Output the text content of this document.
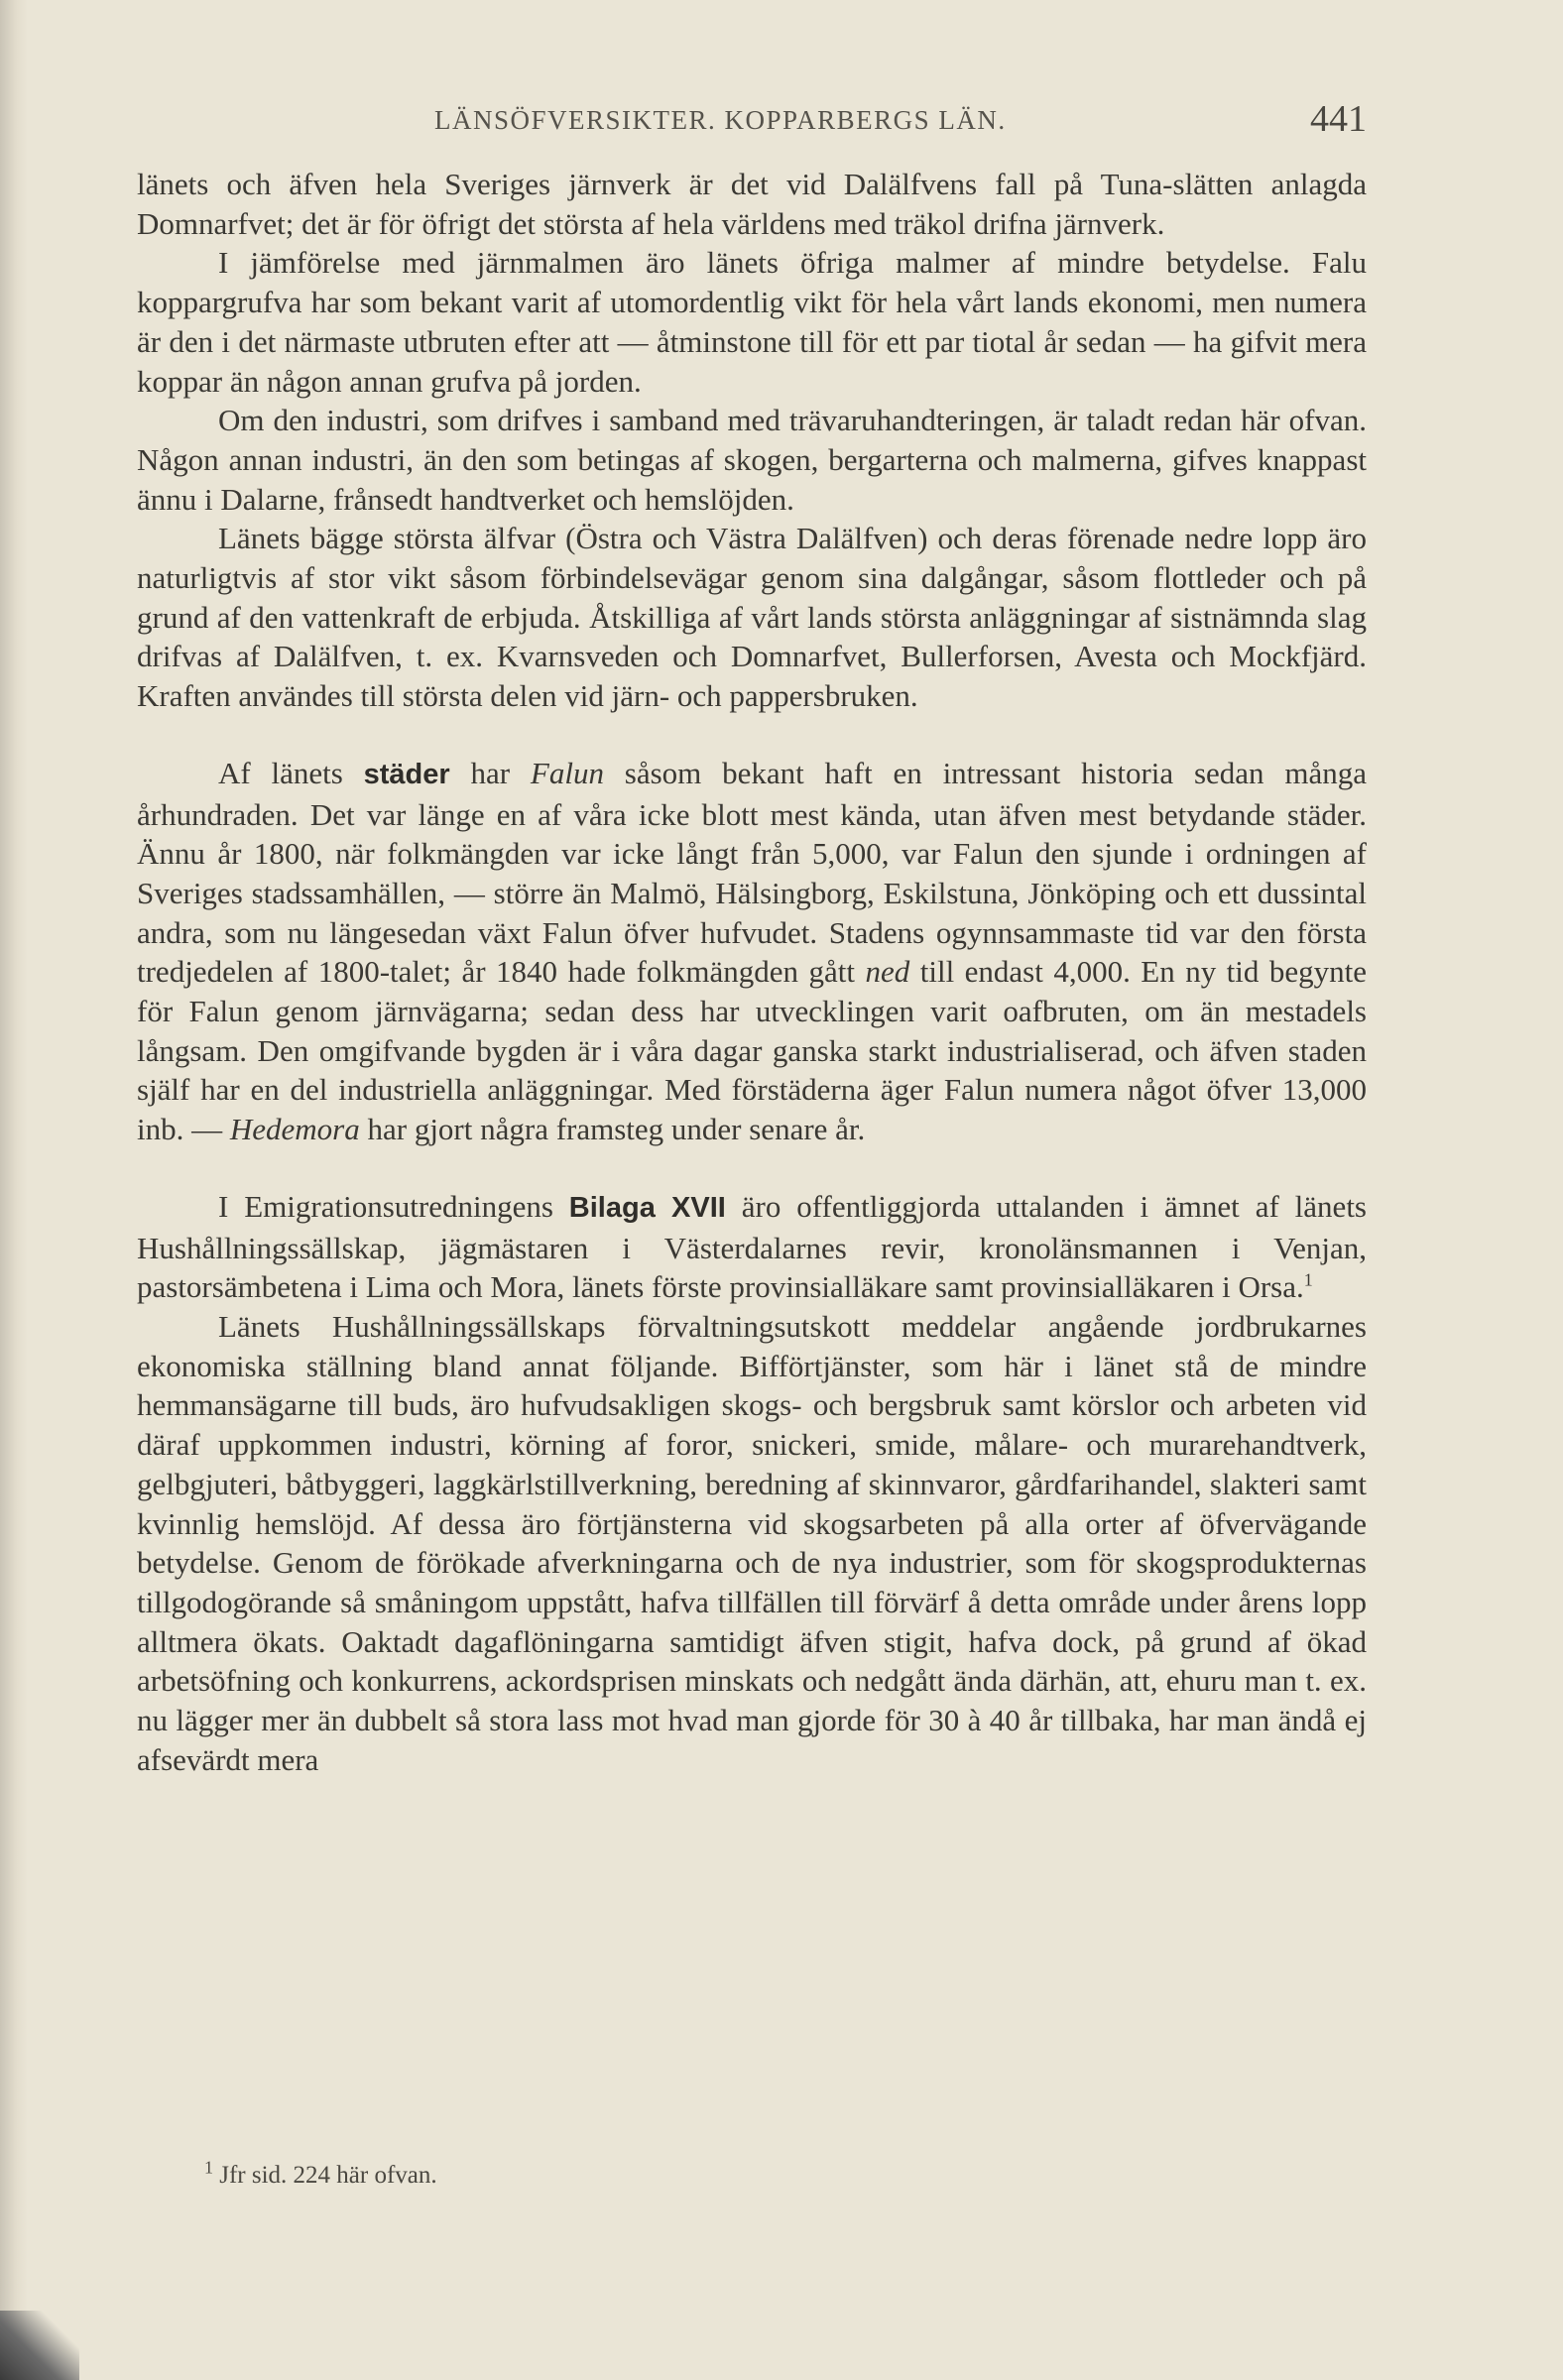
LÄNSÖFVERSIKTER. KOPPARBERGS LÄN.	441

länets och äfven hela Sveriges järnverk är det vid Dalälfvens fall på Tuna-slätten anlagda Domnarfvet; det är för öfrigt det största af hela världens med träkol drifna järnverk.

I jämförelse med järnmalmen äro länets öfriga malmer af mindre betydelse. Falu koppargrufva har som bekant varit af utomordentlig vikt för hela vårt lands ekonomi, men numera är den i det närmaste utbruten efter att — åtminstone till för ett par tiotal år sedan — ha gifvit mera koppar än någon annan grufva på jorden.

Om den industri, som drifves i samband med trävaruhandteringen, är taladt redan här ofvan. Någon annan industri, än den som betingas af skogen, bergarterna och malmerna, gifves knappast ännu i Dalarne, frånsedt handtverket och hemslöjden.

Länets bägge största älfvar (Östra och Västra Dalälfven) och deras förenade nedre lopp äro naturligtvis af stor vikt såsom förbindelsevägar genom sina dalgångar, såsom flottleder och på grund af den vattenkraft de erbjuda. Åtskilliga af vårt lands största anläggningar af sistnämnda slag drifvas af Dalälfven, t. ex. Kvarnsveden och Domnarfvet, Bullerforsen, Avesta och Mockfjärd. Kraften användes till största delen vid järn- och pappersbruken.

Af länets städer har Falun såsom bekant haft en intressant historia sedan många århundraden. Det var länge en af våra icke blott mest kända, utan äfven mest betydande städer. Ännu år 1800, när folkmängden var icke långt från 5,000, var Falun den sjunde i ordningen af Sveriges stadssamhällen, — större än Malmö, Hälsingborg, Eskilstuna, Jönköping och ett dussintal andra, som nu längesedan växt Falun öfver hufvudet. Stadens ogynnsammaste tid var den första tredjedelen af 1800-talet; år 1840 hade folkmängden gått ned till endast 4,000. En ny tid begynte för Falun genom järnvägarna; sedan dess har utvecklingen varit oafbruten, om än mestadels långsam. Den omgifvande bygden är i våra dagar ganska starkt industrialiserad, och äfven staden själf har en del industriella anläggningar. Med förstäderna äger Falun numera något öfver 13,000 inb. — Hedemora har gjort några framsteg under senare år.

I Emigrationsutredningens Bilaga XVII äro offentliggjorda uttalanden i ämnet af länets Hushållningssällskap, jägmästaren i Västerdalarnes revir, kronolänsmannen i Venjan, pastorsämbetena i Lima och Mora, länets förste provinsialläkare samt provinsialläkaren i Orsa.$^1$

Länets Hushållningssällskaps förvaltningsutskott meddelar angående jordbrukarnes ekonomiska ställning bland annat följande. Bifförtjänster, som här i länet stå de mindre hemmansägarne till buds, äro hufvudsakligen skogs- och bergsbruk samt körslor och arbeten vid däraf uppkommen industri, körning af foror, snickeri, smide, målare- och murarehandtverk, gelbgjuteri, båtbyggeri, laggkärlstillverkning, beredning af skinnvaror, gårdfarihandel, slakteri samt kvinnlig hemslöjd. Af dessa äro förtjänsterna vid skogsarbeten på alla orter af öfvervägande betydelse. Genom de förökade afverkningarna och de nya industrier, som för skogsprodukternas tillgodogörande så småningom uppstått, hafva tillfällen till förvärf å detta område under årens lopp alltmera ökats. Oaktadt dagaflöningarna samtidigt äfven stigit, hafva dock, på grund af ökad arbetsöfning och konkurrens, ackordsprisen minskats och nedgått ända därhän, att, ehuru man t. ex. nu lägger mer än dubbelt så stora lass mot hvad man gjorde för 30 à 40 år tillbaka, har man ändå ej afsevärdt mera

$^1$ Jfr sid. 224 här ofvan.
